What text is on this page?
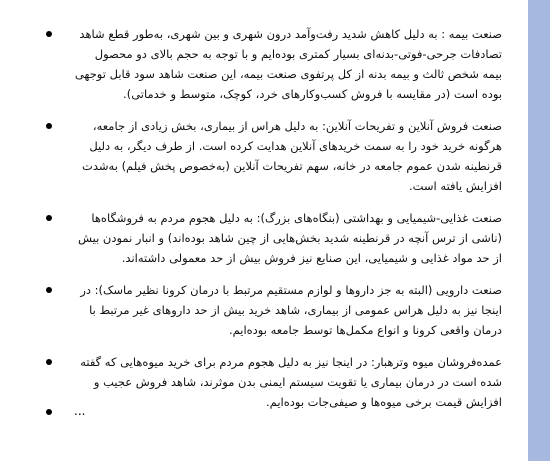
صنعت بیمه : به دلیل کاهش شدید رفت‌وآمد درون شهری و بین شهری، به‌طور قطع شاهد تصادفات جرحی-فوتی-بدنه‌ای بسیار کمتری بوده‌ایم و با توجه به حجم بالای دو محصول بیمه شخص ثالث و بیمه بدنه از کل پرتفوی صنعت بیمه، این صنعت شاهد سود قابل توجهی بوده است (در مقایسه با فروش کسب‌وکارهای خرد، کوچک، متوسط و خدماتی).
صنعت فروش آنلاین و تفریحات آنلاین: به دلیل هراس از بیماری، بخش زیادی از جامعه، هرگونه خرید خود را به سمت خریدهای آنلاین هدایت کرده است. از طرف دیگر، به دلیل قرنطینه شدن عموم جامعه در خانه، سهم تفریحات آنلاین (به‌خصوص پخش فیلم) به‌شدت افزایش یافته است.
صنعت غذایی-شیمیایی و بهداشتی (بنگاه‌های بزرگ): به دلیل هجوم مردم به فروشگاه‌ها (ناشی از ترس آنچه در قرنطینه شدید بخش‌هایی از چین شاهد بوده‌اند) و انبار نمودن بیش از حد مواد غذایی و شیمیایی، این صنایع نیز فروش بیش از حد معمولی داشته‌اند.
صنعت دارویی (البته به جز داروها و لوازم مستقیم مرتبط با درمان کرونا نظیر ماسک): در اینجا نیز به دلیل هراس عمومی از بیماری، شاهد خرید بیش از حد داروهای غیر مرتبط با درمان واقعی کرونا و انواع مکمل‌ها توسط جامعه بوده‌ایم.
عمده‌فروشان میوه وترهبار: در اینجا نیز به دلیل هجوم مردم برای خرید میوه‌هایی که گفته شده است در درمان بیماری یا تقویت سیستم ایمنی بدن موثرند، شاهد فروش عجیب و افزایش قیمت برخی میوه‌ها و صیفی‌جات بوده‌ایم.
...
